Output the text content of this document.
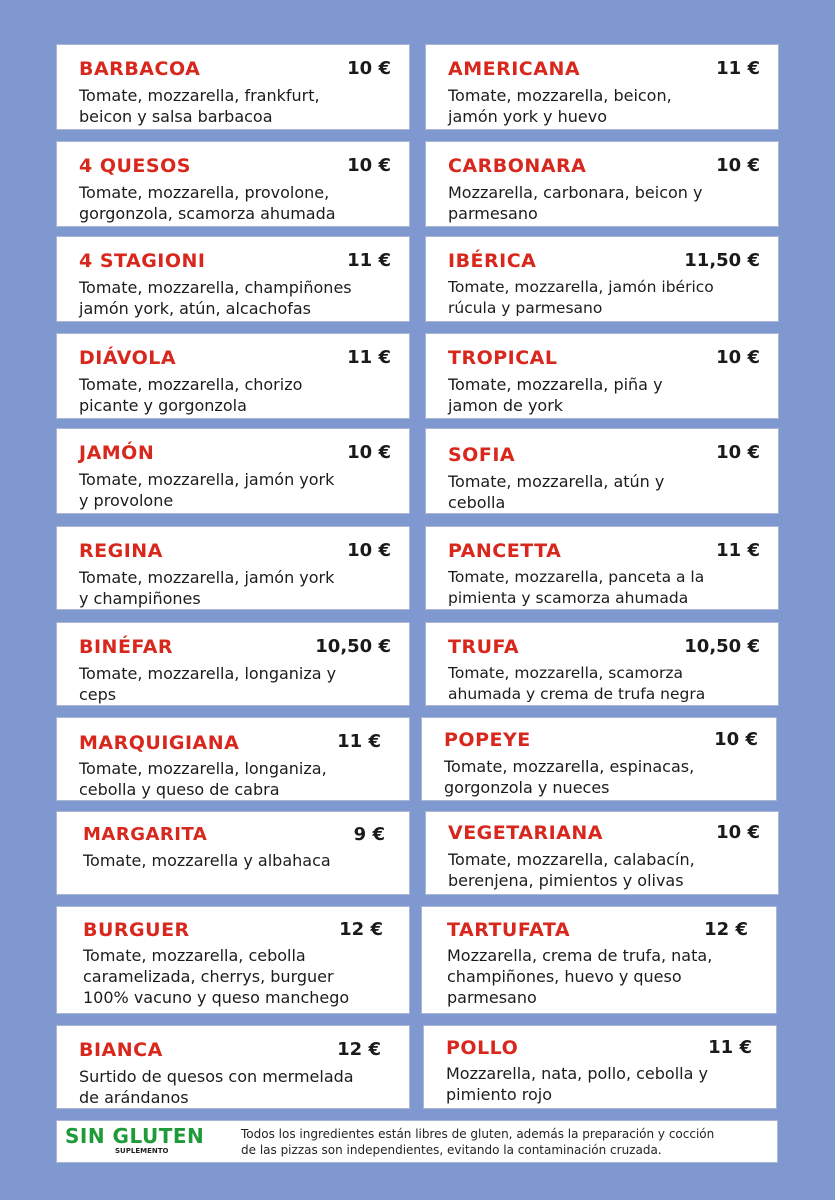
BARBACOA	10 €
Tomate, mozzarella, frankfurt,
beicon y salsa barbacoa
AMERICANA	11 €
Tomate, mozzarella, beicon,
jamón york y huevo
4 QUESOS	10 €
Tomate, mozzarella, provolone,
gorgonzola, scamorza ahumada
CARBONARA	10 €
Mozzarella, carbonara, beicon y
parmesano
4 STAGIONI	11 €
Tomate, mozzarella, champiñones
jamón york, atún, alcachofas
IBÉRICA	11,50 €
Tomate, mozzarella, jamón ibérico
rúcula y parmesano
DIÁVOLA	11 €
Tomate, mozzarella, chorizo
picante y gorgonzola
TROPICAL	10 €
Tomate, mozzarella, piña y
jamon de york
JAMÓN	10 €
Tomate, mozzarella, jamón york
y provolone
SOFIA	10 €
Tomate, mozzarella, atún y
cebolla
REGINA	10 €
Tomate, mozzarella, jamón york
y champiñones
PANCETTA	11 €
Tomate, mozzarella, panceta a la
pimienta y scamorza ahumada
BINÉFAR	10,50 €
Tomate, mozzarella, longaniza y
ceps
TRUFA	10,50 €
Tomate, mozzarella, scamorza
ahumada y crema de trufa negra
MARQUIGIANA	11 €
Tomate, mozzarella, longaniza,
cebolla y queso de cabra
POPEYE	10 €
Tomate, mozzarella, espinacas,
gorgonzola y nueces
MARGARITA	9 €
Tomate, mozzarella y albahaca
VEGETARIANA	10 €
Tomate, mozzarella, calabacín,
berenjena, pimientos y olivas
BURGUER	12 €
Tomate, mozzarella, cebolla
caramelizada, cherrys, burguer
100% vacuno y queso manchego
TARTUFATA	12 €
Mozzarella, crema de trufa, nata,
champiñones, huevo y queso
parmesano
BIANCA	12 €
Surtido de quesos con mermelada
de arándanos
POLLO	11 €
Mozzarella, nata, pollo, cebolla y
pimiento rojo
SIN GLUTEN
SUPLEMENTO
Todos los ingredientes están libres de gluten, además la preparación y cocción
de las pizzas son independientes, evitando la contaminación cruzada.
